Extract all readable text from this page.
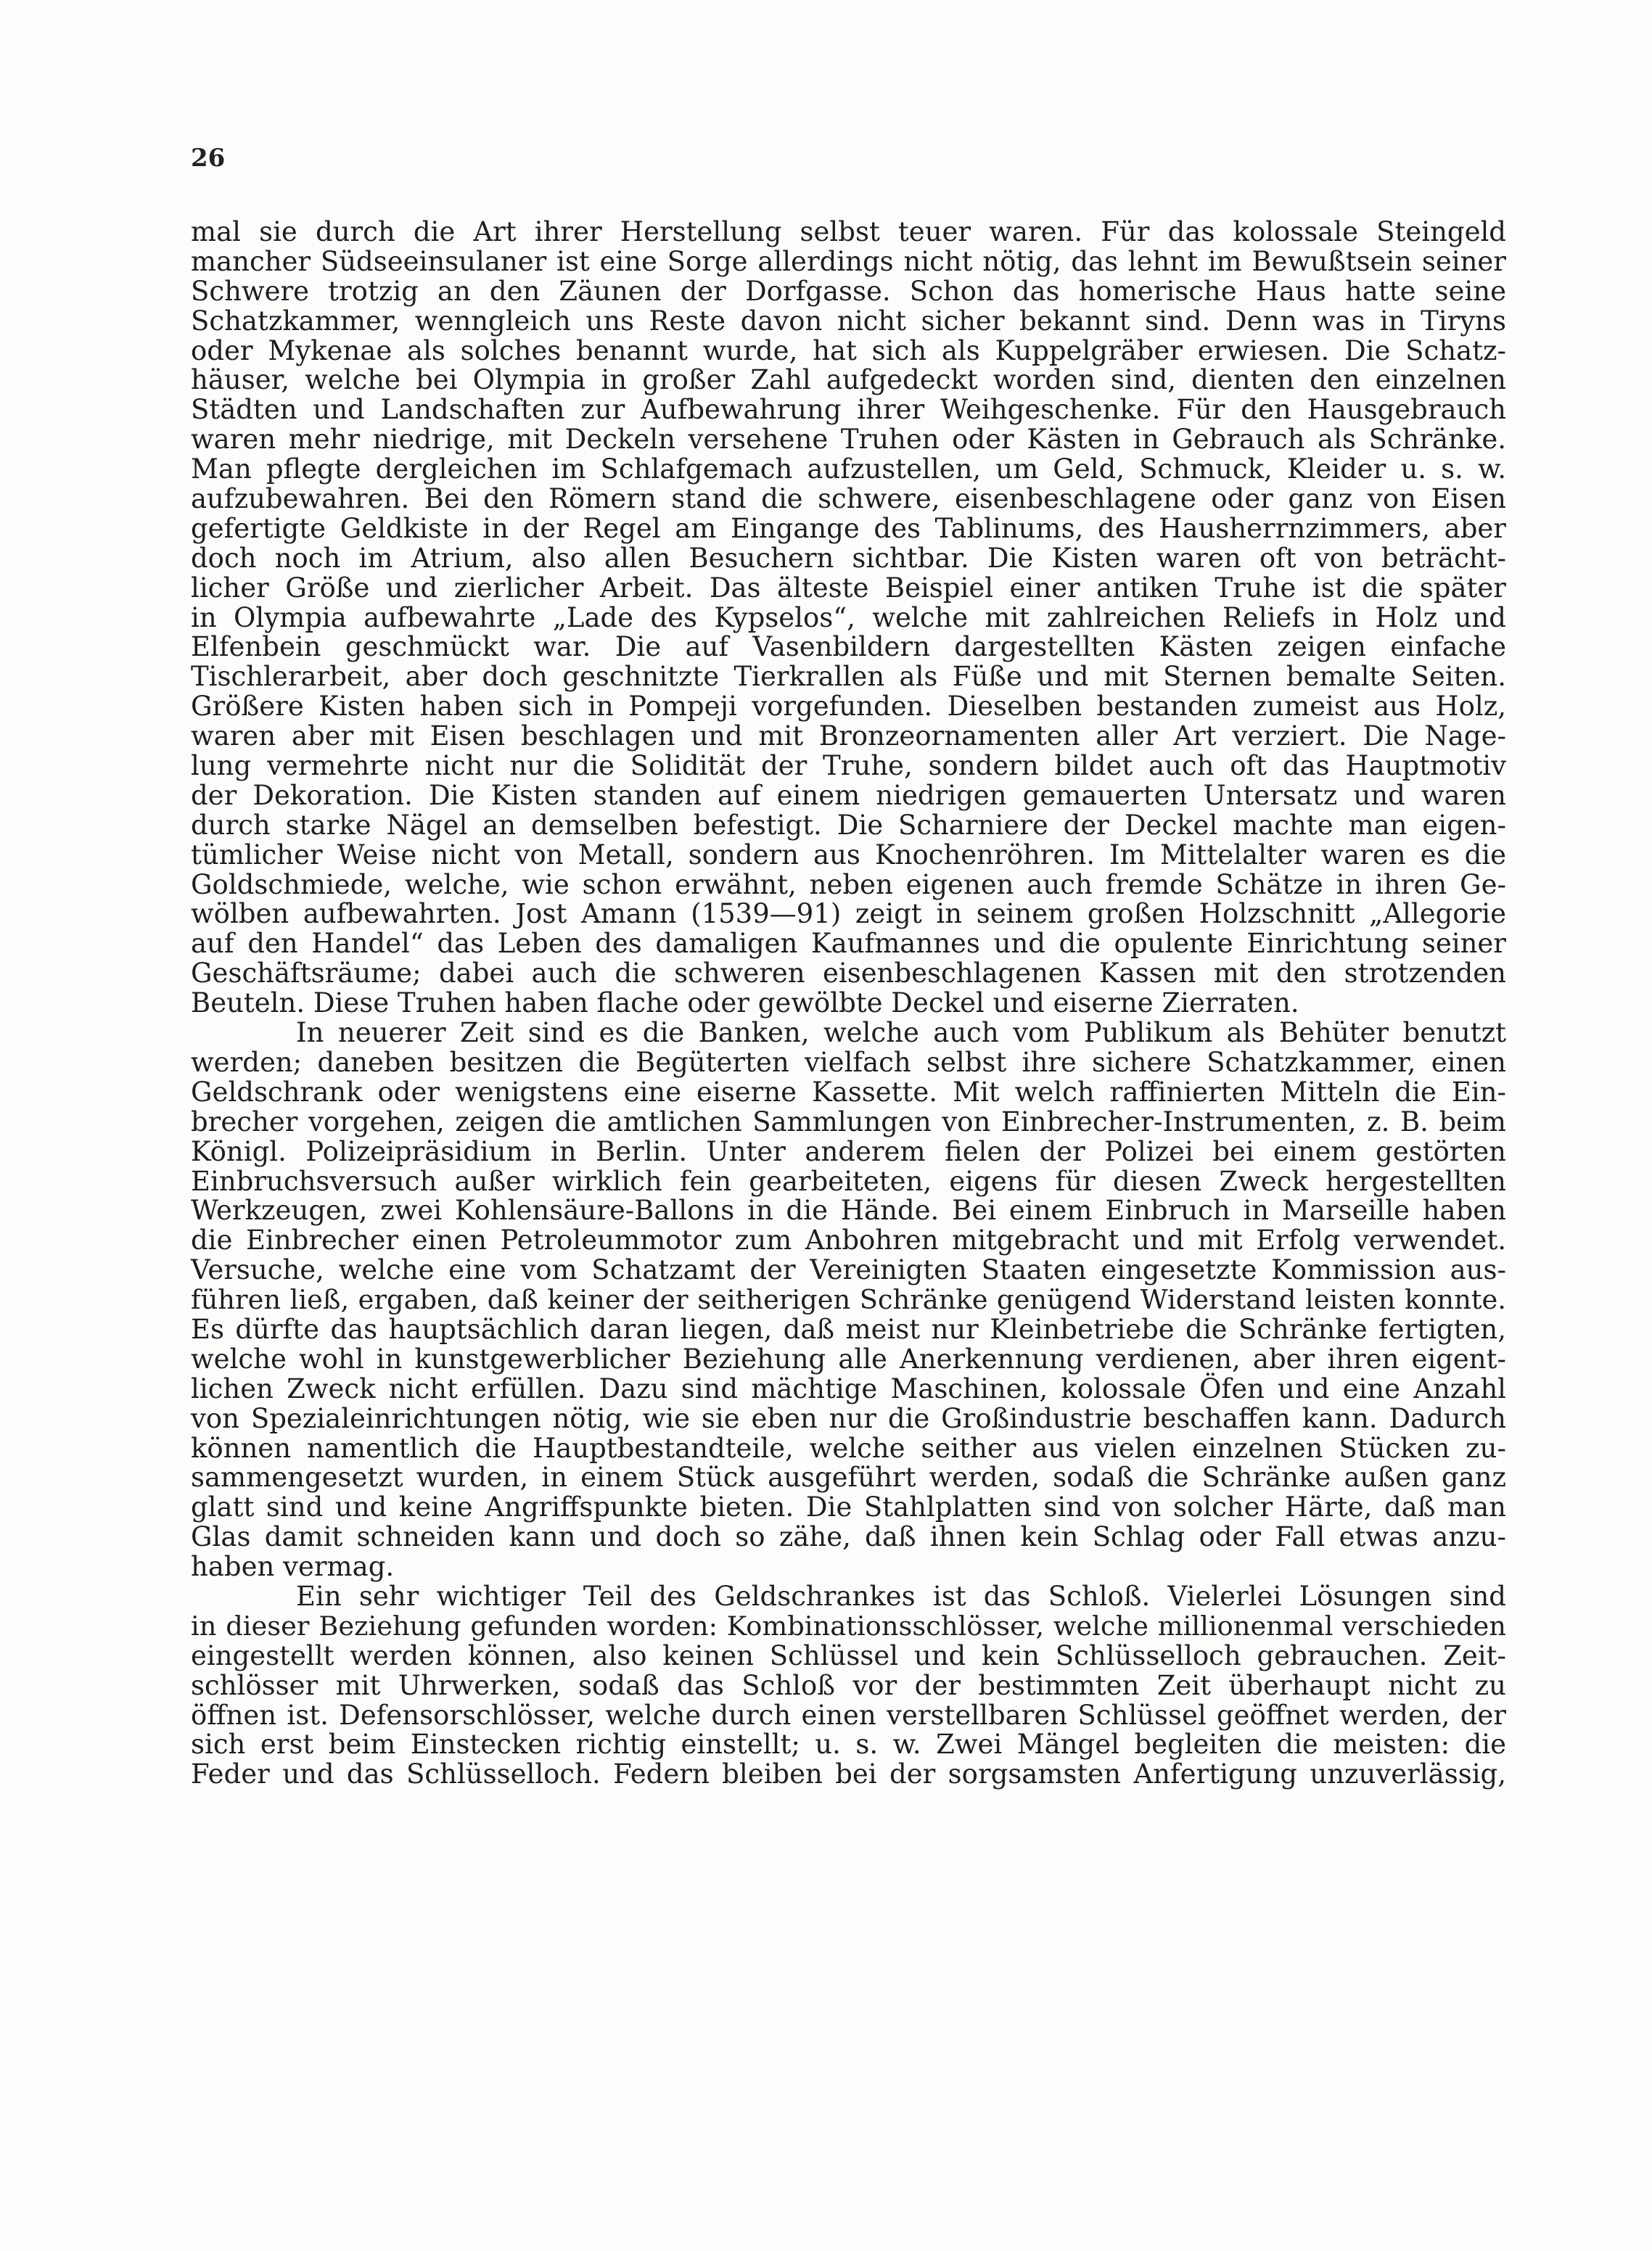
26
mal sie durch die Art ihrer Herstellung selbst teuer waren. Für das kolossale Steingeld
mancher Südseeinsulaner ist eine Sorge allerdings nicht nötig, das lehnt im Bewußtsein seiner
Schwere trotzig an den Zäunen der Dorfgasse. Schon das homerische Haus hatte seine
Schatzkammer, wenngleich uns Reste davon nicht sicher bekannt sind. Denn was in Tiryns
oder Mykenae als solches benannt wurde, hat sich als Kuppelgräber erwiesen. Die Schatz-
häuser, welche bei Olympia in großer Zahl aufgedeckt worden sind, dienten den einzelnen
Städten und Landschaften zur Aufbewahrung ihrer Weihgeschenke. Für den Hausgebrauch
waren mehr niedrige, mit Deckeln versehene Truhen oder Kästen in Gebrauch als Schränke.
Man pflegte dergleichen im Schlafgemach aufzustellen, um Geld, Schmuck, Kleider u. s. w.
aufzubewahren. Bei den Römern stand die schwere, eisenbeschlagene oder ganz von Eisen
gefertigte Geldkiste in der Regel am Eingange des Tablinums, des Hausherrnzimmers, aber
doch noch im Atrium, also allen Besuchern sichtbar. Die Kisten waren oft von beträcht-
licher Größe und zierlicher Arbeit. Das älteste Beispiel einer antiken Truhe ist die später
in Olympia aufbewahrte „Lade des Kypselos“, welche mit zahlreichen Reliefs in Holz und
Elfenbein geschmückt war. Die auf Vasenbildern dargestellten Kästen zeigen einfache
Tischlerarbeit, aber doch geschnitzte Tierkrallen als Füße und mit Sternen bemalte Seiten.
Größere Kisten haben sich in Pompeji vorgefunden. Dieselben bestanden zumeist aus Holz,
waren aber mit Eisen beschlagen und mit Bronzeornamenten aller Art verziert. Die Nage-
lung vermehrte nicht nur die Solidität der Truhe, sondern bildet auch oft das Hauptmotiv
der Dekoration. Die Kisten standen auf einem niedrigen gemauerten Untersatz und waren
durch starke Nägel an demselben befestigt. Die Scharniere der Deckel machte man eigen-
tümlicher Weise nicht von Metall, sondern aus Knochenröhren. Im Mittelalter waren es die
Goldschmiede, welche, wie schon erwähnt, neben eigenen auch fremde Schätze in ihren Ge-
wölben aufbewahrten. Jost Amann (1539—91) zeigt in seinem großen Holzschnitt „Allegorie
auf den Handel“ das Leben des damaligen Kaufmannes und die opulente Einrichtung seiner
Geschäftsräume; dabei auch die schweren eisenbeschlagenen Kassen mit den strotzenden
Beuteln. Diese Truhen haben flache oder gewölbte Deckel und eiserne Zierraten.
In neuerer Zeit sind es die Banken, welche auch vom Publikum als Behüter benutzt
werden; daneben besitzen die Begüterten vielfach selbst ihre sichere Schatzkammer, einen
Geldschrank oder wenigstens eine eiserne Kassette. Mit welch raffinierten Mitteln die Ein-
brecher vorgehen, zeigen die amtlichen Sammlungen von Einbrecher-Instrumenten, z. B. beim
Königl. Polizeipräsidium in Berlin. Unter anderem fielen der Polizei bei einem gestörten
Einbruchsversuch außer wirklich fein gearbeiteten, eigens für diesen Zweck hergestellten
Werkzeugen, zwei Kohlensäure-Ballons in die Hände. Bei einem Einbruch in Marseille haben
die Einbrecher einen Petroleummotor zum Anbohren mitgebracht und mit Erfolg verwendet.
Versuche, welche eine vom Schatzamt der Vereinigten Staaten eingesetzte Kommission aus-
führen ließ, ergaben, daß keiner der seitherigen Schränke genügend Widerstand leisten konnte.
Es dürfte das hauptsächlich daran liegen, daß meist nur Kleinbetriebe die Schränke fertigten,
welche wohl in kunstgewerblicher Beziehung alle Anerkennung verdienen, aber ihren eigent-
lichen Zweck nicht erfüllen. Dazu sind mächtige Maschinen, kolossale Öfen und eine Anzahl
von Spezialeinrichtungen nötig, wie sie eben nur die Großindustrie beschaffen kann. Dadurch
können namentlich die Hauptbestandteile, welche seither aus vielen einzelnen Stücken zu-
sammengesetzt wurden, in einem Stück ausgeführt werden, sodaß die Schränke außen ganz
glatt sind und keine Angriffspunkte bieten. Die Stahlplatten sind von solcher Härte, daß man
Glas damit schneiden kann und doch so zähe, daß ihnen kein Schlag oder Fall etwas anzu-
haben vermag.
Ein sehr wichtiger Teil des Geldschrankes ist das Schloß. Vielerlei Lösungen sind
in dieser Beziehung gefunden worden: Kombinationsschlösser, welche millionenmal verschieden
eingestellt werden können, also keinen Schlüssel und kein Schlüsselloch gebrauchen. Zeit-
schlösser mit Uhrwerken, sodaß das Schloß vor der bestimmten Zeit überhaupt nicht zu
öffnen ist. Defensorschlösser, welche durch einen verstellbaren Schlüssel geöffnet werden, der
sich erst beim Einstecken richtig einstellt; u. s. w. Zwei Mängel begleiten die meisten: die
Feder und das Schlüsselloch. Federn bleiben bei der sorgsamsten Anfertigung unzuverlässig,
